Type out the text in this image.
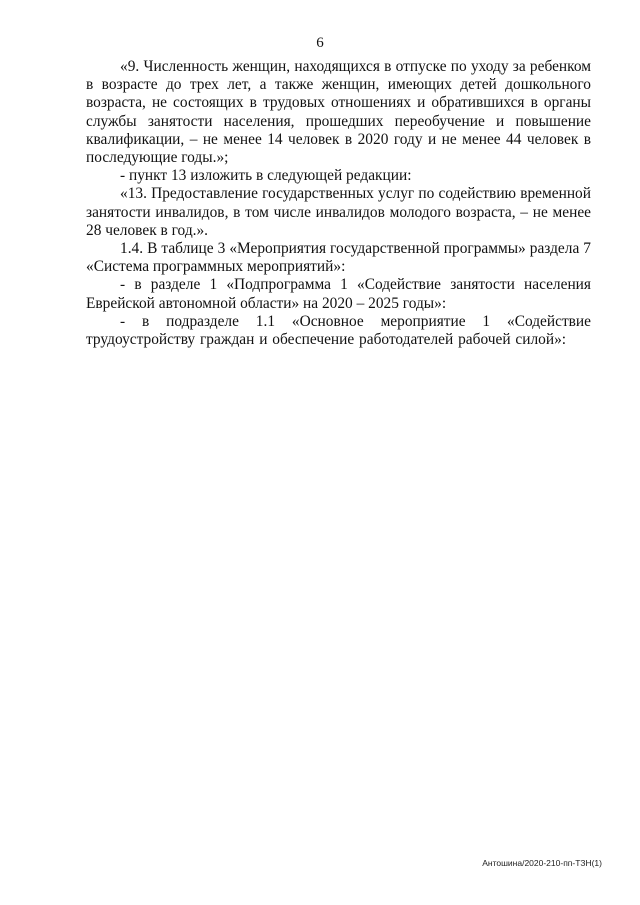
6

«9. Численность женщин, находящихся в отпуске по уходу за ребенком в возрасте до трех лет, а также женщин, имеющих детей дошкольного возраста, не состоящих в трудовых отношениях и обратившихся в органы службы занятости населения, прошедших переобучение и повышение квалификации, – не менее 14 человек в 2020 году и не менее 44 человек в последующие годы.»;

- пункт 13 изложить в следующей редакции:

«13. Предоставление государственных услуг по содействию временной занятости инвалидов, в том числе инвалидов молодого возраста, – не менее 28 человек в год.».

1.4. В таблице 3 «Мероприятия государственной программы» раздела 7 «Система программных мероприятий»:

- в разделе 1 «Подпрограмма 1 «Содействие занятости населения Еврейской автономной области» на 2020 – 2025 годы»:

- в подразделе 1.1 «Основное мероприятие 1 «Содействие трудоустройству граждан и обеспечение работодателей рабочей силой»:

Антошина/2020-210-пп-ТЗН(1)
